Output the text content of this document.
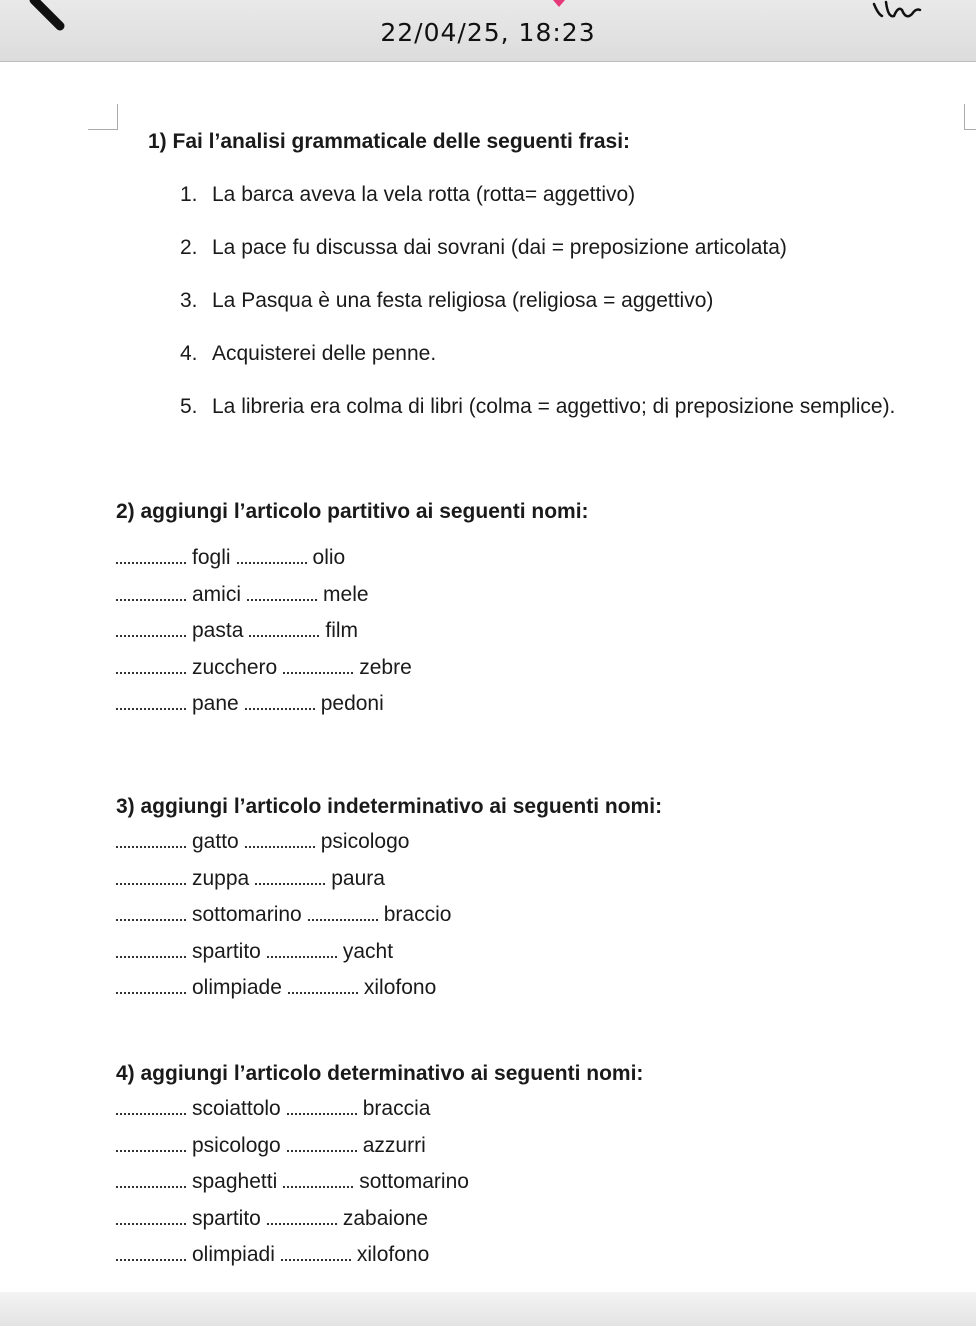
22/04/25, 18:23
1) Fai l’analisi grammaticale delle seguenti frasi:
1. La barca aveva la vela rotta (rotta= aggettivo)
2. La pace fu discussa dai sovrani (dai = preposizione articolata)
3. La Pasqua è una festa religiosa (religiosa = aggettivo)
4. Acquisterei delle penne.
5. La libreria era colma di libri (colma = aggettivo; di preposizione semplice).
2) aggiungi l’articolo partitivo ai seguenti nomi:
fogli	olio
amici	mele
pasta	film
zucchero	zebre
pane	pedoni
3) aggiungi l’articolo indeterminativo ai seguenti nomi:
gatto	psicologo
zuppa	paura
sottomarino	braccio
spartito	yacht
olimpiade	xilofono
4) aggiungi l’articolo determinativo ai seguenti nomi:
scoiattolo	braccia
psicologo	azzurri
spaghetti	sottomarino
spartito	zabaione
olimpiadi	xilofono
